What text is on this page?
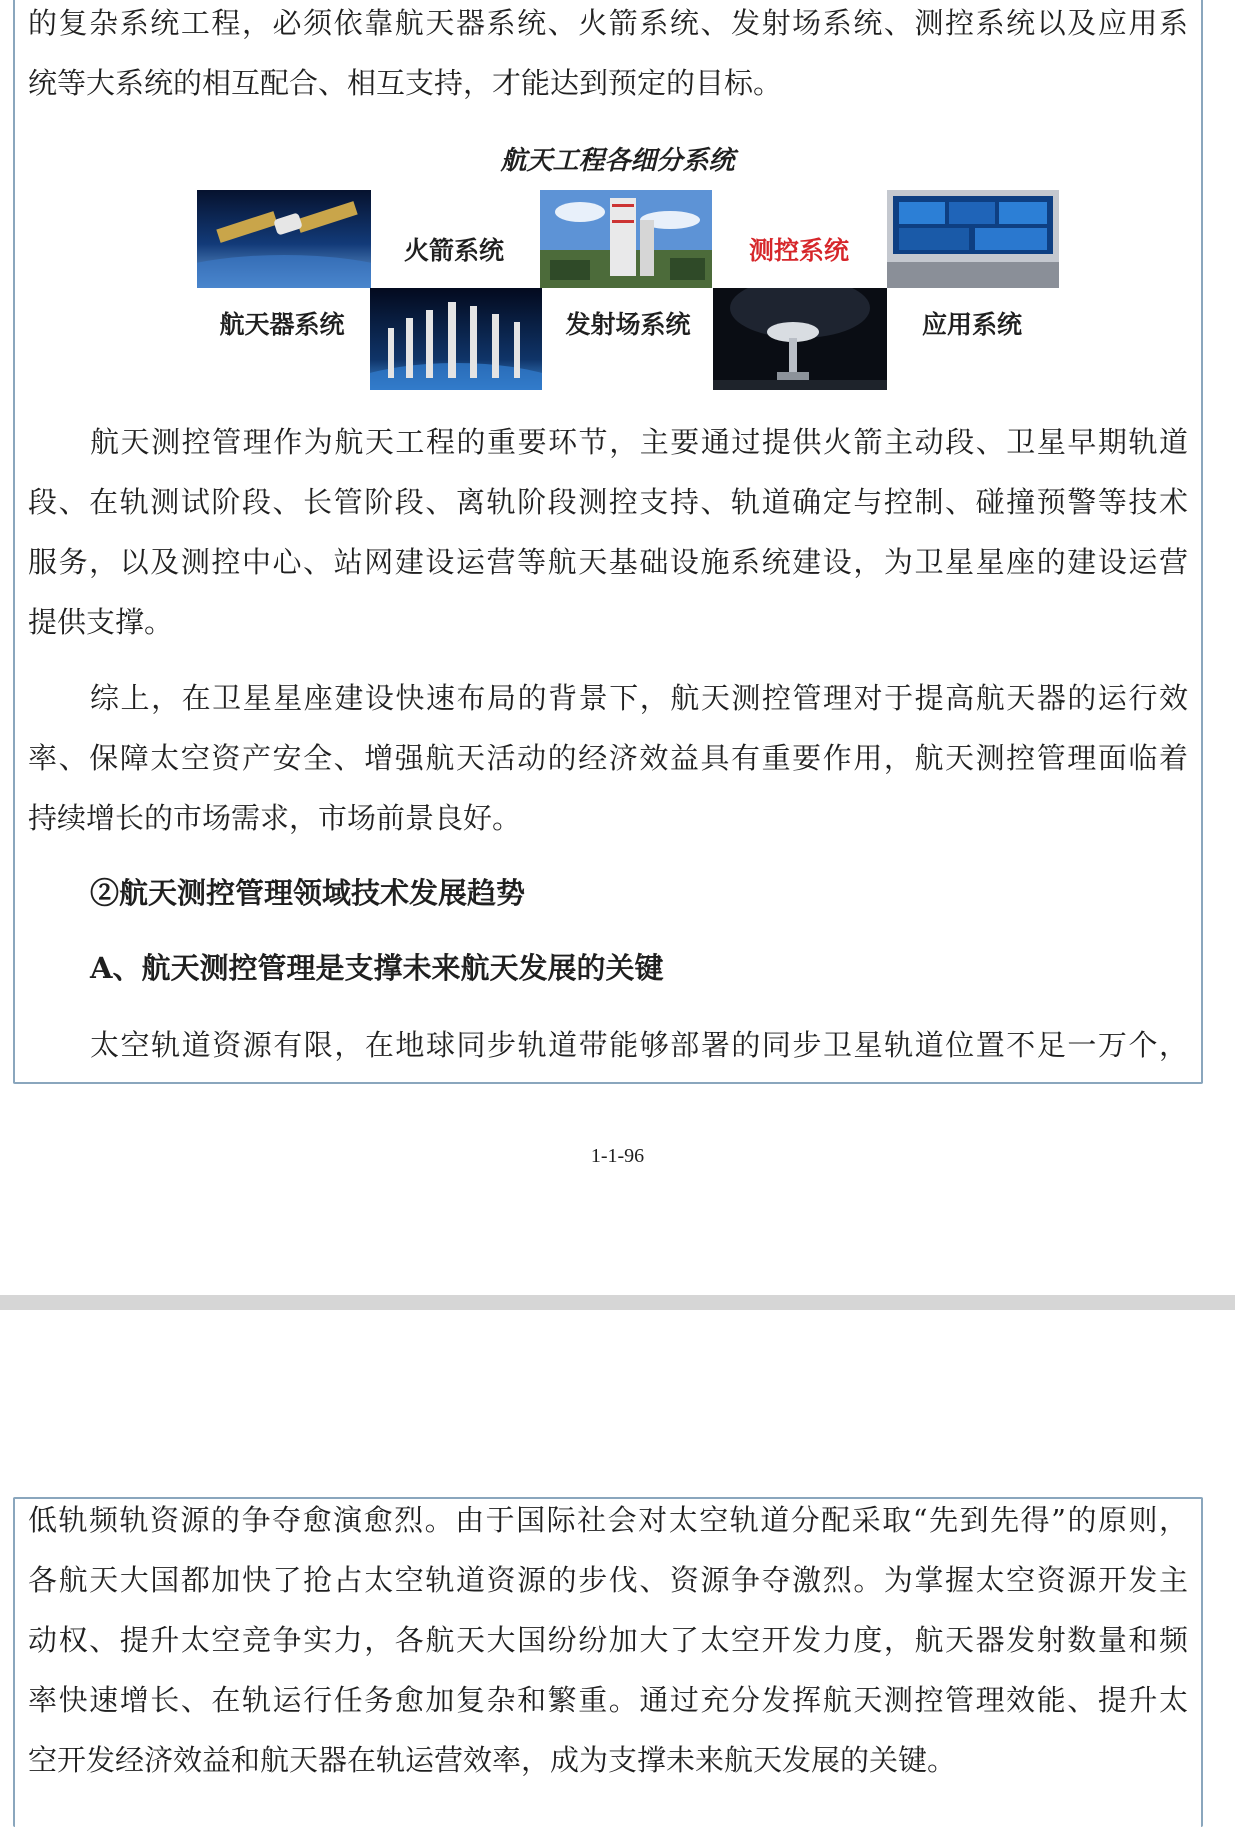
的复杂系统工程，必须依靠航天器系统、火箭系统、发射场系统、测控系统以及应用系
统等大系统的相互配合、相互支持，才能达到预定的目标。
航天工程各细分系统
火箭系统	测控系统
航天器系统	发射场系统	应用系统
航天测控管理作为航天工程的重要环节，主要通过提供火箭主动段、卫星早期轨道
段、在轨测试阶段、长管阶段、离轨阶段测控支持、轨道确定与控制、碰撞预警等技术
服务，以及测控中心、站网建设运营等航天基础设施系统建设，为卫星星座的建设运营
提供支撑。
综上，在卫星星座建设快速布局的背景下，航天测控管理对于提高航天器的运行效
率、保障太空资产安全、增强航天活动的经济效益具有重要作用，航天测控管理面临着
持续增长的市场需求，市场前景良好。
②航天测控管理领域技术发展趋势
A、航天测控管理是支撑未来航天发展的关键
太空轨道资源有限，在地球同步轨道带能够部署的同步卫星轨道位置不足一万个，
1-1-96
低轨频轨资源的争夺愈演愈烈。由于国际社会对太空轨道分配采取“先到先得”的原则，
各航天大国都加快了抢占太空轨道资源的步伐、资源争夺激烈。为掌握太空资源开发主
动权、提升太空竞争实力，各航天大国纷纷加大了太空开发力度，航天器发射数量和频
率快速增长、在轨运行任务愈加复杂和繁重。通过充分发挥航天测控管理效能、提升太
空开发经济效益和航天器在轨运营效率，成为支撑未来航天发展的关键。
